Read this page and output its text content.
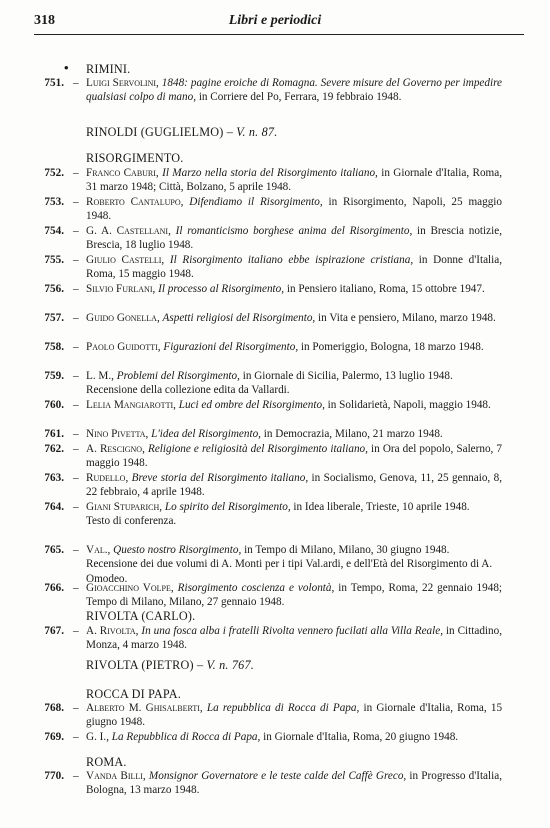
318	Libri e periodici
• RIMINI.
RINOLDI (GUGLIELMO) – V. n. 87.
RISORGIMENTO.
RIVOLTA (CARLO).
RIVOLTA (PIETRO) – V. n. 767.
ROCCA DI PAPA.
ROMA.
751. – Luigi Servolini, 1848: pagine eroiche di Romagna. Severe misure del Governo per impedire qualsiasi colpo di mano, in Corriere del Po, Ferrara, 19 febbraio 1948.
752. – Franco Caburi, Il Marzo nella storia del Risorgimento italiano, in Giornale d'Italia, Roma, 31 marzo 1948; Città, Bolzano, 5 aprile 1948.
753. – Roberto Cantalupo, Difendiamo il Risorgimento, in Risorgimento, Napoli, 25 maggio 1948.
754. – G. A. Castellani, Il romanticismo borghese anima del Risorgimento, in Brescia notizie, Brescia, 18 luglio 1948.
755. – Giulio Castelli, Il Risorgimento italiano ebbe ispirazione cristiana, in Donne d'Italia, Roma, 15 maggio 1948.
756. – Silvio Furlani, Il processo al Risorgimento, in Pensiero italiano, Roma, 15 ottobre 1947.
757. – Guido Gonella, Aspetti religiosi del Risorgimento, in Vita e pensiero, Milano, marzo 1948.
758. – Paolo Guidotti, Figurazioni del Risorgimento, in Pomeriggio, Bologna, 18 marzo 1948.
759. – L. M., Problemi del Risorgimento, in Giornale di Sicilia, Palermo, 13 luglio 1948.
Recensione della collezione edita da Vallardi.
760. – Lelia Mangiarotti, Luci ed ombre del Risorgimento, in Solidarietà, Napoli, maggio 1948.
761. – Nino Pivetta, L'idea del Risorgimento, in Democrazia, Milano, 21 marzo 1948.
762. – A. Rescigno, Religione e religiosità del Risorgimento italiano, in Ora del popolo, Salerno, 7 maggio 1948.
763. – Rudello, Breve storia del Risorgimento italiano, in Socialismo, Genova, 11, 25 gennaio, 8, 22 febbraio, 4 aprile 1948.
764. – Giani Stuparich, Lo spirito del Risorgimento, in Idea liberale, Trieste, 10 aprile 1948.
Testo di conferenza.
765. – Val., Questo nostro Risorgimento, in Tempo di Milano, Milano, 30 giugno 1948.
Recensione dei due volumi di A. Monti per i tipi Val.ardi, e dell'Età del Risorgimento di A. Omodeo.
766. – Gioacchino Volpe, Risorgimento coscienza e volontà, in Tempo, Roma, 22 gennaio 1948; Tempo di Milano, Milano, 27 gennaio 1948.
767. – A. Rivolta, In una fosca alba i fratelli Rivolta vennero fucilati alla Villa Reale, in Cittadino, Monza, 4 marzo 1948.
768. – Alberto M. Ghisalberti, La repubblica di Rocca di Papa, in Giornale d'Italia, Roma, 15 giugno 1948.
769. – G. I., La Repubblica di Rocca di Papa, in Giornale d'Italia, Roma, 20 giugno 1948.
770. – Vanda Billi, Monsignor Governatore e le teste calde del Caffè Greco, in Progresso d'Italia, Bologna, 13 marzo 1948.
